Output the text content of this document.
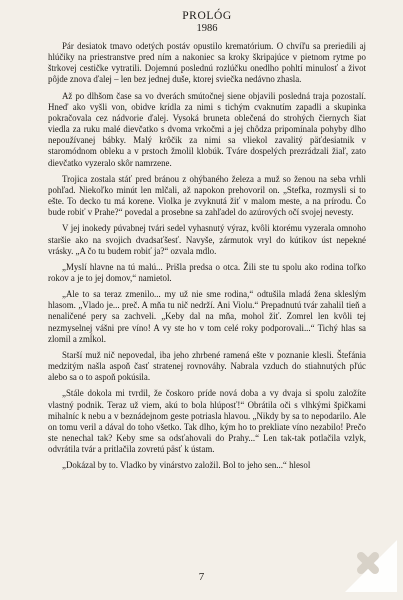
PROLÓG
1986

Pár desiatok tmavo odetých postáv opustilo krematórium. O chvíľu sa preriedili aj hlúčiky na priestranstve pred ním a nakoniec sa kroky škripajúce v pietnom rytme po štrkovej cestičke vytratili. Dojemnú poslednú rozlúčku onedlho pohltí minulosť a život pôjde znova ďalej – len bez jednej duše, ktorej sviečka nedávno zhasla.

Až po dlhšom čase sa vo dverách smútočnej siene objavili posledná traja pozostalí. Hneď ako vyšli von, obidve krídla za nimi s tichým cvaknutím zapadli a skupinka pokračovala cez nádvorie ďalej. Vysoká bruneta oblečená do strohých čiernych šiat viedla za ruku malé dievčatko s dvoma vrkočmi a jej chôdza pripomínala pohyby dlho nepoužívanej bábky. Malý krôčik za nimi sa vliekol zavalitý päťdesiatnik v staromódnom obleku a v prstoch žmolil klobúk. Tváre dospelých prezrádzali žiaľ, zato dievčatko vyzeralo skôr namrzene.

Trojica zostala stáť pred bránou z ohýbaného železa a muž so ženou na seba vrhli pohľad. Niekoľko minút len mlčali, až napokon prehovoril on. „Stefka, rozmysli si to ešte. To decko tu má korene. Violka je zvyknutá žiť v malom meste, a na prírodu. Čo bude robiť v Prahe?“ povedal a prosebne sa zahľadel do azúrových očí svojej nevesty.

V jej inokedy púvabnej tvári sedel vyhasnutý výraz, kvôli ktorému vyzerala omnoho staršie ako na svojich dvadsaťšesť. Navyše, zármutok vryl do kútikov úst nepekné vrásky. „A čo tu budem robiť ja?“ ozvala mdlo.

„Myslí hlavne na tú malú... Prišla predsa o otca. Žili ste tu spolu ako rodina toľko rokov a je to jej domov,“ namietol.

„Ale to sa teraz zmenilo... my už nie sme rodina,“ odtušila mladá žena skleslým hlasom. „Vlado je... preč. A mňa tu nič nedrží. Ani Violu.“ Prepadnutú tvár zahalil tieň a nenaličené pery sa zachveli. „Keby dal na mňa, mohol žiť. Zomrel len kvôli tej nezmyselnej vášni pre víno! A vy ste ho v tom celé roky podporovali...“ Tichý hlas sa zlomil a zmĺkol.

Starší muž nič nepovedal, iba jeho zhrbené ramená ešte v poznanie klesli. Štefánia medzitým našla aspoň časť stratenej rovnováhy. Nabrala vzduch do stiahnutých pľúc alebo sa o to aspoň pokúsila.

„Stále dokola mi tvrdil, že čoskoro príde nová doba a vy dvaja si spolu založíte vlastný podnik. Teraz už viem, akú to bola hlúposť!“ Obrátila oči s vlhkými špičkami mihalníc k nebu a v beznádejnom geste potriasla hlavou. „Nikdy by sa to nepodarilo. Ale on tomu veril a dával do toho všetko. Tak dlho, kým ho to prekliate víno nezabilo! Prečo ste nenechal tak? Keby sme sa odsťahovali do Prahy...“ Len tak-tak potlačila vzlyk, odvrátila tvár a pritlačila zovretú päsť k ústam.

„Dokázal by to. Vladko by vinárstvo založil. Bol to jeho sen...“ hlesol

7
